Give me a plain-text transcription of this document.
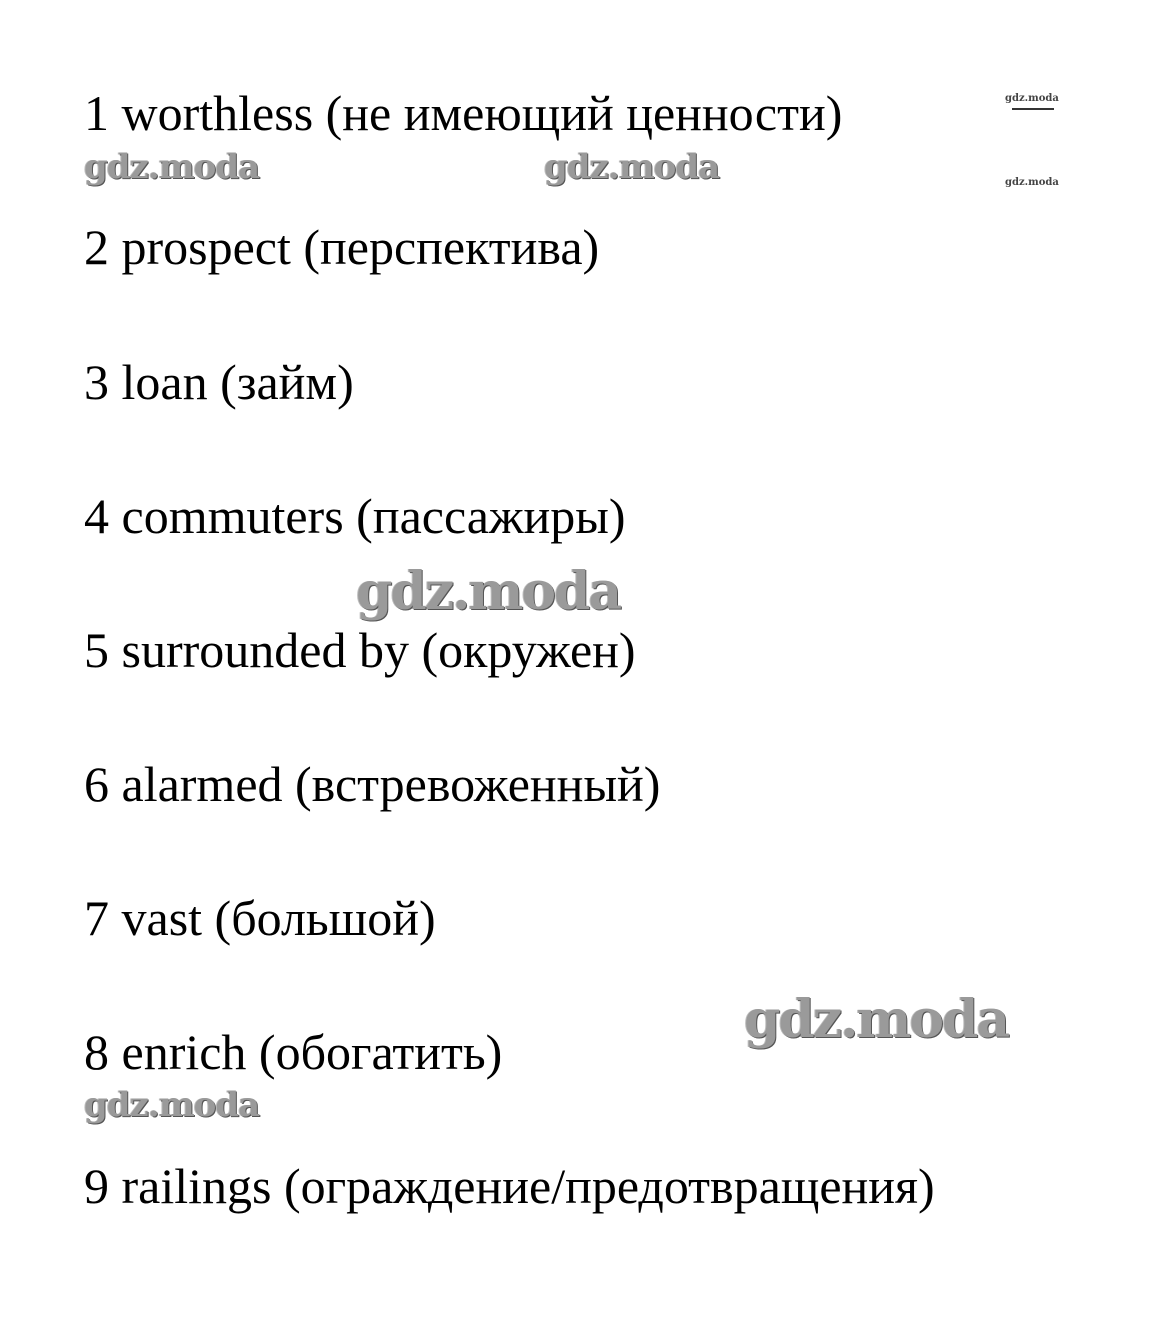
1 worthless (не имеющий ценности)
2 prospect (перспектива)
3 loan (займ)
4 commuters (пассажиры)
5 surrounded by (окружен)
6 alarmed (встревоженный)
7 vast (большой)
8 enrich (обогатить)
9 railings (ограждение/предотвращения)
gdz.moda	gdz.moda
gdz.moda
gdz.moda
gdz.moda
gdz.moda
gdz.moda
